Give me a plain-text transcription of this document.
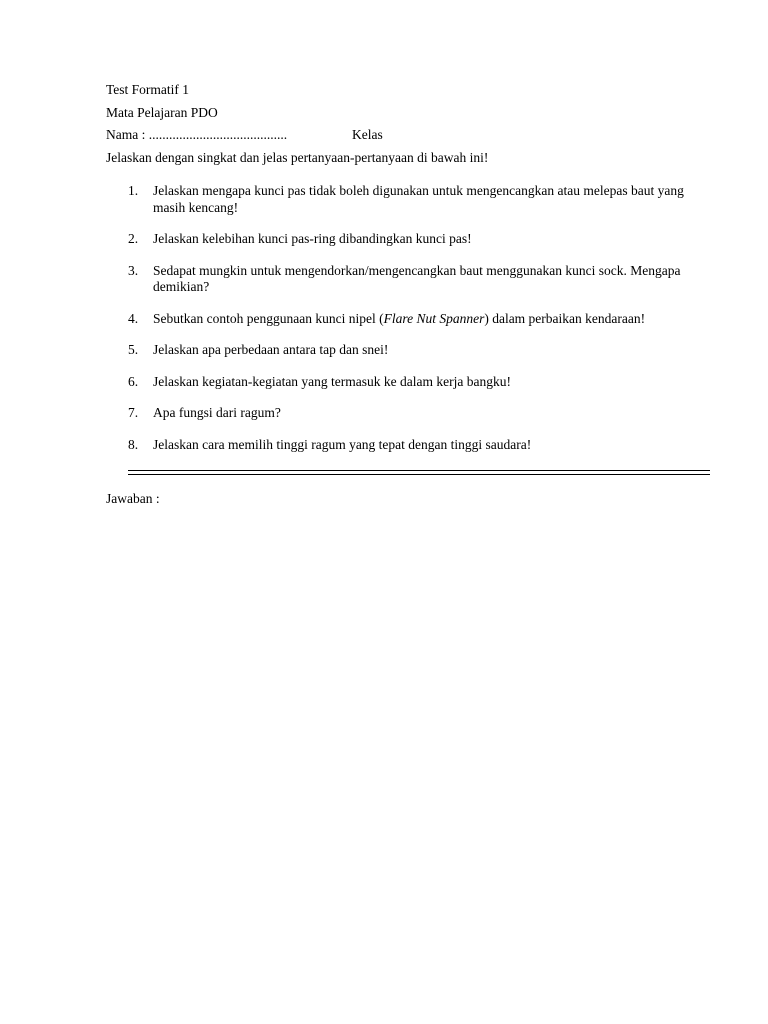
Test Formatif 1
Mata Pelajaran PDO
Nama : .........................................	Kelas
Jelaskan dengan singkat dan jelas pertanyaan-pertanyaan di bawah ini!
1. Jelaskan mengapa kunci pas tidak boleh digunakan untuk mengencangkan atau melepas baut yang masih kencang!
2. Jelaskan kelebihan kunci pas-ring dibandingkan kunci pas!
3. Sedapat mungkin untuk mengendorkan/mengencangkan baut menggunakan kunci sock. Mengapa demikian?
4. Sebutkan contoh penggunaan kunci nipel (Flare Nut Spanner) dalam perbaikan kendaraan!
5. Jelaskan apa perbedaan antara tap dan snei!
6. Jelaskan kegiatan-kegiatan yang termasuk ke dalam kerja bangku!
7. Apa fungsi dari ragum?
8. Jelaskan cara memilih tinggi ragum yang tepat dengan tinggi saudara!
Jawaban :
